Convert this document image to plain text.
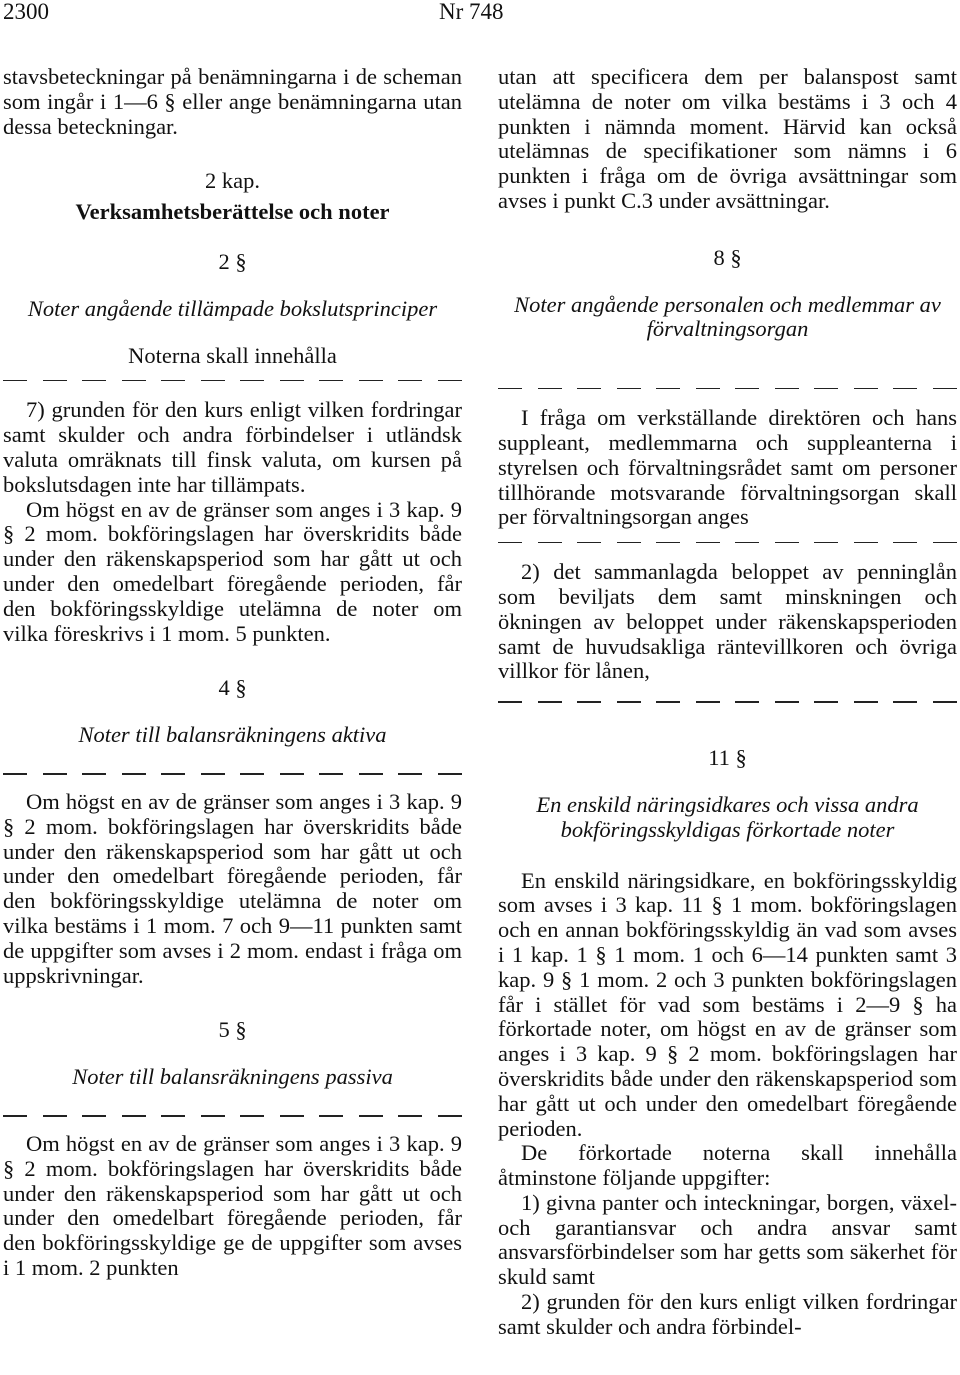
2300	Nr 748

stavsbeteckningar på benämningarna i de scheman som ingår i 1—6 § eller ange benämningarna utan dessa beteckningar.

2 kap.
Verksamhetsberättelse och noter
2 §
Noter angående tillämpade bokslutsprinciper
Noterna skall innehålla

7) grunden för den kurs enligt vilken fordringar samt skulder och andra förbindelser i utländsk valuta omräknats till finsk valuta, om kursen på bokslutsdagen inte har tillämpats.

Om högst en av de gränser som anges i 3 kap. 9 § 2 mom. bokföringslagen har överskridits både under den räkenskapsperiod som har gått ut och under den omedelbart föregående perioden, får den bokföringsskyldige utelämna de noter om vilka föreskrivs i 1 mom. 5 punkten.

4 §
Noter till balansräkningens aktiva

Om högst en av de gränser som anges i 3 kap. 9 § 2 mom. bokföringslagen har överskridits både under den räkenskapsperiod som har gått ut och under den omedelbart föregående perioden, får den bokföringsskyldige utelämna de noter om vilka bestäms i 1 mom. 7 och 9—11 punkten samt de uppgifter som avses i 2 mom. endast i fråga om uppskrivningar.

5 §
Noter till balansräkningens passiva

Om högst en av de gränser som anges i 3 kap. 9 § 2 mom. bokföringslagen har överskridits både under den räkenskapsperiod som har gått ut och under den omedelbart föregående perioden, får den bokföringsskyldige ge de uppgifter som avses i 1 mom. 2 punkten

utan att specificera dem per balanspost samt utelämna de noter om vilka bestäms i 3 och 4 punkten i nämnda moment. Härvid kan också utelämnas de specifikationer som nämns i 6 punkten i fråga om de övriga avsättningar som avses i punkt C.3 under avsättningar.

8 §
Noter angående personalen och medlemmar av förvaltningsorgan

I fråga om verkställande direktören och hans suppleant, medlemmarna och suppleanterna i styrelsen och förvaltningsrådet samt om personer tillhörande motsvarande förvaltningsorgan skall per förvaltningsorgan anges

2) det sammanlagda beloppet av penninglån som beviljats dem samt minskningen och ökningen av beloppet under räkenskapsperioden samt de huvudsakliga räntevillkoren och övriga villkor för lånen,

11 §
En enskild näringsidkares och vissa andra bokföringsskyldigas förkortade noter

En enskild näringsidkare, en bokföringsskyldig som avses i 3 kap. 11 § 1 mom. bokföringslagen och en annan bokföringsskyldig än vad som avses i 1 kap. 1 § 1 mom. 1 och 6—14 punkten samt 3 kap. 9 § 1 mom. 2 och 3 punkten bokföringslagen får i stället för vad som bestäms i 2—9 § ha förkortade noter, om högst en av de gränser som anges i 3 kap. 9 § 2 mom. bokföringslagen har överskridits både under den räkenskapsperiod som har gått ut och under den omedelbart föregående perioden.

De förkortade noterna skall innehålla åtminstone följande uppgifter:

1) givna panter och inteckningar, borgen, växel- och garantiansvar och andra ansvar samt ansvarsförbindelser som har getts som säkerhet för skuld samt

2) grunden för den kurs enligt vilken fordringar samt skulder och andra förbindel-
